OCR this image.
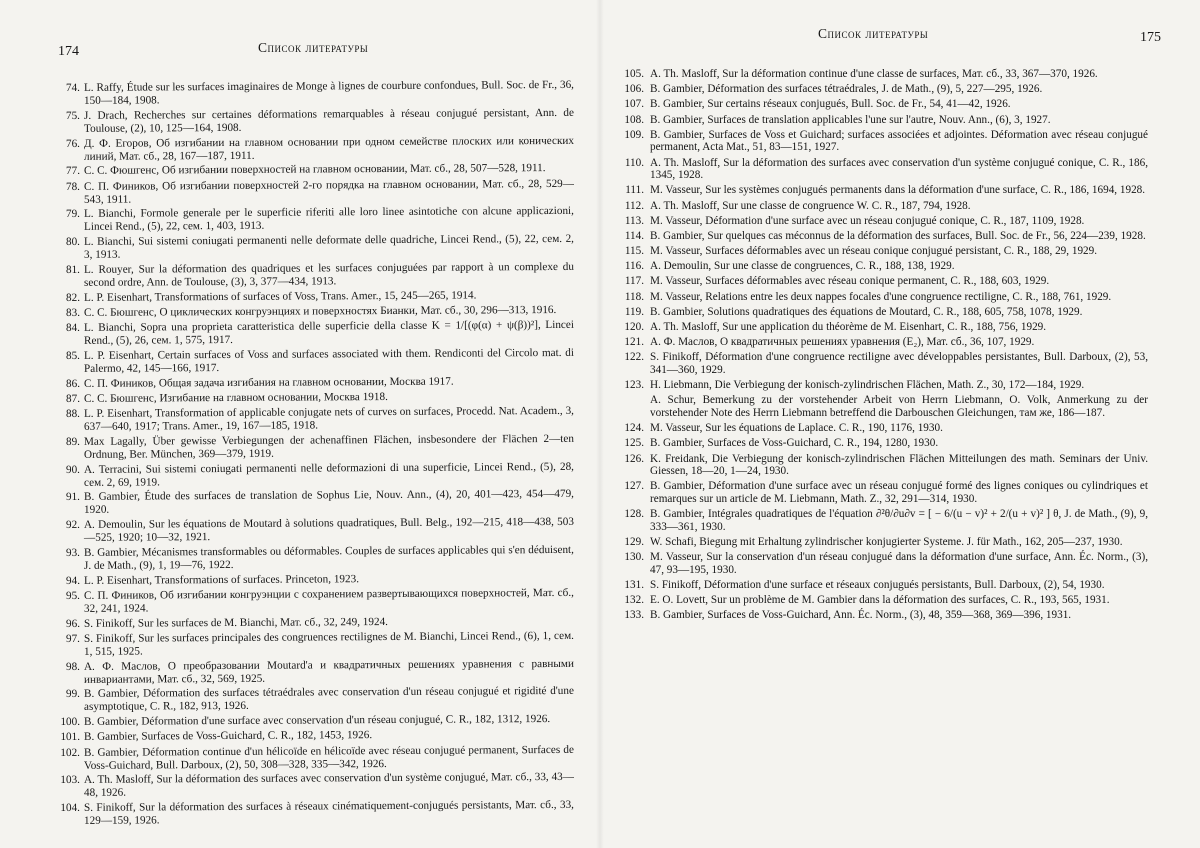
174	Список литературы
74. L. Raffy, Étude sur les surfaces imaginaires de Monge à lignes de courbure confondues, Bull. Soc. de Fr., 36, 150—184, 1908.
75. J. Drach, Recherches sur certaines déformations remarquables à réseau conjugué persistant, Ann. de Toulouse, (2), 10, 125—164, 1908.
76. Д. Ф. Егоров, Об изгибании на главном основании при одном семействе плоских или конических линий, Мат. сб., 28, 167—187, 1911.
77. С. С. Фюшгенс, Об изгибании поверхностей на главном основании, Мат. сб., 28, 507—528, 1911.
78. С. П. Фиников, Об изгибании поверхностей 2-го порядка на главном основании, Мат. сб., 28, 529—543, 1911.
79. L. Bianchi, Formole generale per le superficie riferiti alle loro linee asintotiche con alcune applicazioni, Lincei Rend., (5), 22, сем. 1, 403, 1913.
80. L. Bianchi, Sui sistemi coniugati permanenti nelle deformate delle quadriche, Lincei Rend., (5), 22, сем. 2, 3, 1913.
81. L. Rouyer, Sur la déformation des quadriques et les surfaces conjuguées par rapport à un complexe du second ordre, Ann. de Toulouse, (3), 3, 377—434, 1913.
82. L. P. Eisenhart, Transformations of surfaces of Voss, Trans. Amer., 15, 245—265, 1914.
83. С. С. Бюшгенс, О циклических конгруэнциях и поверхностях Бианки, Мат. сб., 30, 296—313, 1916.
84. L. Bianchi, Sopra una proprieta caratteristica delle superficie della classe K = 1/[(φ(α) + ψ(β))²], Lincei Rend., (5), 26, сем. 1, 575, 1917.
85. L. P. Eisenhart, Certain surfaces of Voss and surfaces associated with them. Rendiconti del Circolo mat. di Palermo, 42, 145—166, 1917.
86. С. П. Фиников, Общая задача изгибания на главном основании, Москва 1917.
87. С. С. Бюшгенс, Изгибание на главном основании, Москва 1918.
88. L. P. Eisenhart, Transformation of applicable conjugate nets of curves on surfaces, Procedd. Nat. Academ., 3, 637—640, 1917; Trans. Amer., 19, 167—185, 1918.
89. Max Lagally, Über gewisse Verbiegungen der achenaffinen Flächen, insbesondere der Flächen 2—ten Ordnung, Ber. München, 369—379, 1919.
90. A. Terracini, Sui sistemi coniugati permanenti nelle deformazioni di una superficie, Lincei Rend., (5), 28, сем. 2, 69, 1919.
91. B. Gambier, Étude des surfaces de translation de Sophus Lie, Nouv. Ann., (4), 20, 401—423, 454—479, 1920.
92. A. Demoulin, Sur les équations de Moutard à solutions quadratiques, Bull. Belg., 192—215, 418—438, 503—525, 1920; 10—32, 1921.
93. B. Gambier, Mécanismes transformables ou déformables. Couples de surfaces applicables qui s'en déduisent, J. de Math., (9), 1, 19—76, 1922.
94. L. P. Eisenhart, Transformations of surfaces. Princeton, 1923.
95. С. П. Фиников, Об изгибании конгруэнции с сохранением развертывающихся поверхностей, Мат. сб., 32, 241, 1924.
96. S. Finikoff, Sur les surfaces de M. Bianchi, Мат. сб., 32, 249, 1924.
97. S. Finikoff, Sur les surfaces principales des congruences rectilignes de M. Bianchi, Lincei Rend., (6), 1, сем. 1, 515, 1925.
98. А. Ф. Маслов, О преобразовании Moutard'a и квадратичных решениях уравнения с равными инвариантами, Мат. сб., 32, 569, 1925.
99. B. Gambier, Déformation des surfaces tétraédrales avec conservation d'un réseau conjugué et rigidité d'une asymptotique, C. R., 182, 913, 1926.
100. B. Gambier, Déformation d'une surface avec conservation d'un réseau conjugué, C. R., 182, 1312, 1926.
101. B. Gambier, Surfaces de Voss-Guichard, C. R., 182, 1453, 1926.
102. B. Gambier, Déformation continue d'un hélicoïde en hélicoïde avec réseau conjugué permanent, Surfaces de Voss-Guichard, Bull. Darboux, (2), 50, 308—328, 335—342, 1926.
103. A. Th. Masloff, Sur la déformation des surfaces avec conservation d'un système conjugué, Мат. сб., 33, 43—48, 1926.
104. S. Finikoff, Sur la déformation des surfaces à réseaux cinématiquement-conjugués persistants, Мат. сб., 33, 129—159, 1926.
Список литературы	175
105. A. Th. Masloff, Sur la déformation continue d'une classe de surfaces, Мат. сб., 33, 367—370, 1926.
106. B. Gambier, Déformation des surfaces tétraédrales, J. de Math., (9), 5, 227—295, 1926.
107. B. Gambier, Sur certains réseaux conjugués, Bull. Soc. de Fr., 54, 41—42, 1926.
108. B. Gambier, Surfaces de translation applicables l'une sur l'autre, Nouv. Ann., (6), 3, 1927.
109. B. Gambier, Surfaces de Voss et Guichard; surfaces associées et adjointes. Déformation avec réseau conjugué permanent, Acta Mat., 51, 83—151, 1927.
110. A. Th. Masloff, Sur la déformation des surfaces avec conservation d'un système conjugué conique, C. R., 186, 1345, 1928.
111. M. Vasseur, Sur les systèmes conjugués permanents dans la déformation d'une surface, C. R., 186, 1694, 1928.
112. A. Th. Masloff, Sur une classe de congruence W. C. R., 187, 794, 1928.
113. M. Vasseur, Déformation d'une surface avec un réseau conjugué conique, C. R., 187, 1109, 1928.
114. B. Gambier, Sur quelques cas méconnus de la déformation des surfaces, Bull. Soc. de Fr., 56, 224—239, 1928.
115. M. Vasseur, Surfaces déformables avec un réseau conique conjugué persistant, C. R., 188, 29, 1929.
116. A. Demoulin, Sur une classe de congruences, C. R., 188, 138, 1929.
117. M. Vasseur, Surfaces déformables avec réseau conique permanent, C. R., 188, 603, 1929.
118. M. Vasseur, Relations entre les deux nappes focales d'une congruence rectiligne, C. R., 188, 761, 1929.
119. B. Gambier, Solutions quadratiques des équations de Moutard, C. R., 188, 605, 758, 1078, 1929.
120. A. Th. Masloff, Sur une application du théorème de M. Eisenhart, C. R., 188, 756, 1929.
121. А. Ф. Маслов, О квадратичных решениях уравнения (E₂), Мат. сб., 36, 107, 1929.
122. S. Finikoff, Déformation d'une congruence rectiligne avec développables persistantes, Bull. Darboux, (2), 53, 341—360, 1929.
123. H. Liebmann, Die Verbiegung der konisch-zylindrischen Flächen, Math. Z., 30, 172—184, 1929.
A. Schur, Bemerkung zu der vorstehender Arbeit von Herrn Liebmann, O. Volk, Anmerkung zu der vorstehender Note des Herrn Liebmann betreffend die Darbouschen Gleichungen, там же, 186—187.
124. M. Vasseur, Sur les équations de Laplace. C. R., 190, 1176, 1930.
125. B. Gambier, Surfaces de Voss-Guichard, C. R., 194, 1280, 1930.
126. K. Freidank, Die Verbiegung der konisch-zylindrischen Flächen Mitteilungen des math. Seminars der Univ. Giessen, 18—20, 1—24, 1930.
127. B. Gambier, Déformation d'une surface avec un réseau conjugué formé des lignes coniques ou cylindriques et remarques sur un article de M. Liebmann, Math. Z., 32, 291—314, 1930.
128. B. Gambier, Intégrales quadratiques de l'équation ∂²θ/∂u∂v = [ − 6/(u − v)² + 2/(u + v)² ] θ, J. de Math., (9), 9, 333—361, 1930.
129. W. Schafi, Biegung mit Erhaltung zylindrischer konjugierter Systeme. J. für Math., 162, 205—237, 1930.
130. M. Vasseur, Sur la conservation d'un réseau conjugué dans la déformation d'une surface, Ann. Éc. Norm., (3), 47, 93—195, 1930.
131. S. Finikoff, Déformation d'une surface et réseaux conjugués persistants, Bull. Darboux, (2), 54, 1930.
132. E. O. Lovett, Sur un problème de M. Gambier dans la déformation des surfaces, C. R., 193, 565, 1931.
133. B. Gambier, Surfaces de Voss-Guichard, Ann. Éc. Norm., (3), 48, 359—368, 369—396, 1931.
